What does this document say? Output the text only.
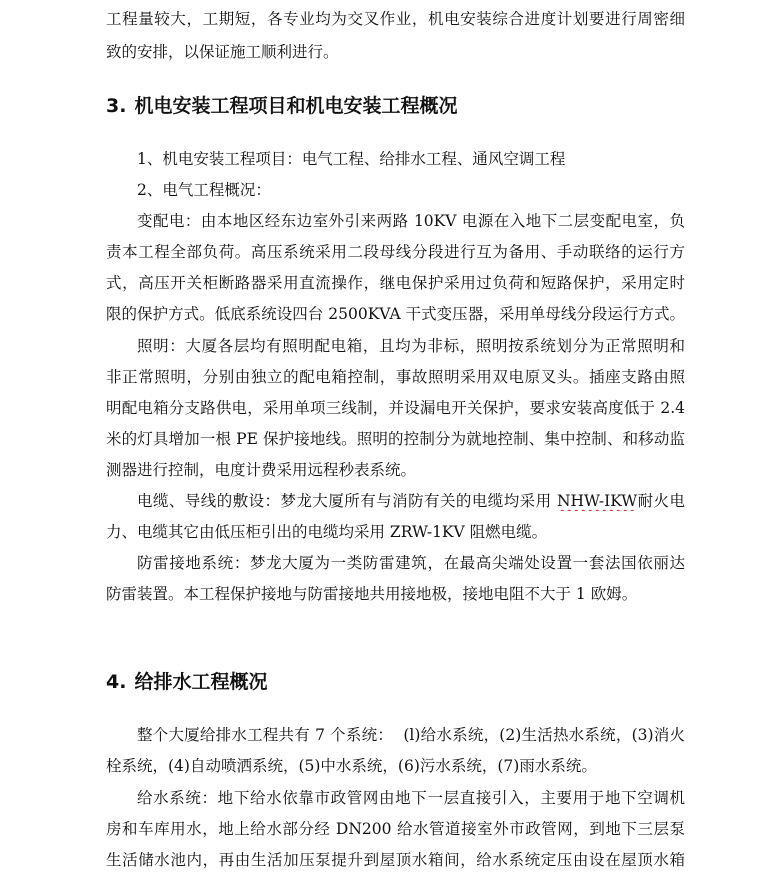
工程量较大，工期短，各专业均为交叉作业，机电安装综合进度计划要进行周密细
致的安排，以保证施工顺利进行。
3. 机电安装工程项目和机电安装工程概况
1、机电安装工程项目：电气工程、给排水工程、通风空调工程
2、电气工程概况：
变配电：由本地区经东边室外引来两路 10KV 电源在入地下二层变配电室，负
责本工程全部负荷。高压系统采用二段母线分段进行互为备用、手动联络的运行方
式，高压开关柜断路器采用直流操作，继电保护采用过负荷和短路保护，采用定时
限的保护方式。低底系统设四台 2500KVA 干式变压器，采用单母线分段运行方式。
照明：大厦各层均有照明配电箱，且均为非标，照明按系统划分为正常照明和
非正常照明，分别由独立的配电箱控制，事故照明采用双电原叉头。插座支路由照
明配电箱分支路供电，采用单项三线制，并设漏电开关保护，要求安装高度低于 2.4
米的灯具增加一根 PE 保护接地线。照明的控制分为就地控制、集中控制、和移动监
测器进行控制，电度计费采用远程秒表系统。
电缆、导线的敷设：梦龙大厦所有与消防有关的电缆均采用 NHW-IKW耐火电
力、电缆其它由低压柜引出的电缆均采用 ZRW-1KV 阻燃电缆。
防雷接地系统：梦龙大厦为一类防雷建筑，在最高尖端处设置一套法国依丽达
防雷装置。本工程保护接地与防雷接地共用接地极，接地电阻不大于 1 欧姆。
4. 给排水工程概况
整个大厦给排水工程共有 7 个系统：  (l)给水系统，(2)生活热水系统，(3)消火
栓系统，(4)自动喷洒系统，(5)中水系统，(6)污水系统，(7)雨水系统。
给水系统：地下给水依靠市政管网由地下一层直接引入，主要用于地下空调机
房和车库用水，地上给水部分经 DN200 给水管道接室外市政管网，到地下三层泵
生活储水池内，再由生活加压泵提升到屋顶水箱间，给水系统定压由设在屋顶水箱
